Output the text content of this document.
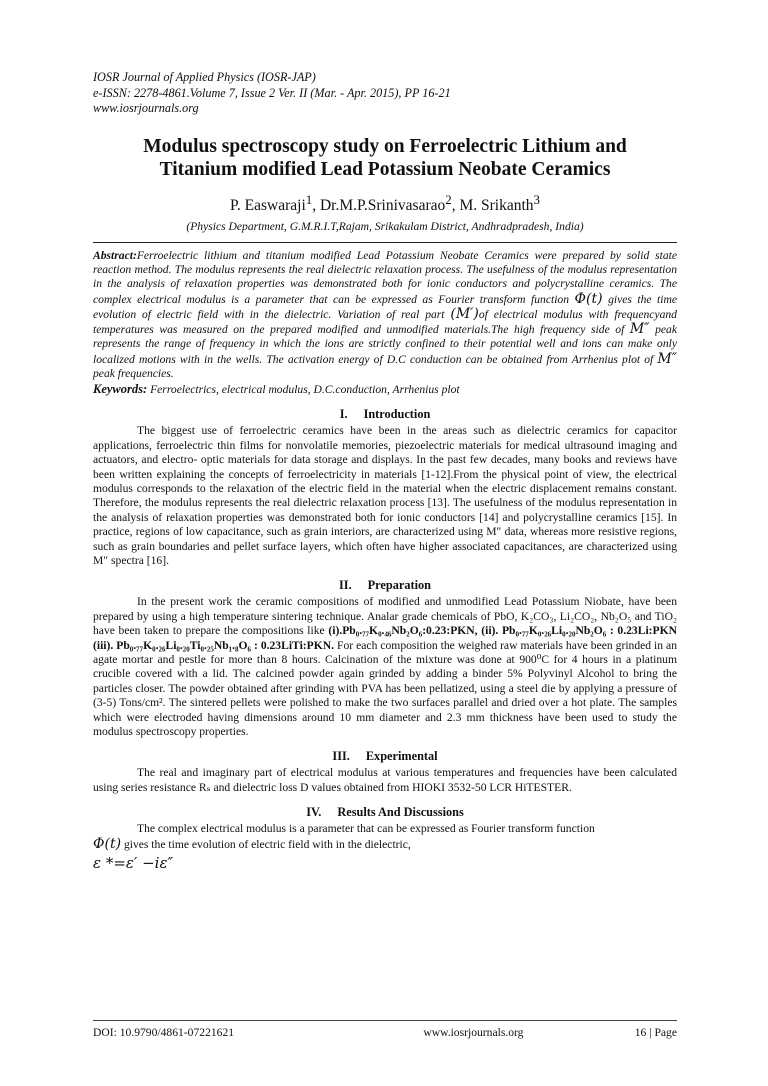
IOSR Journal of Applied Physics (IOSR-JAP)
e-ISSN: 2278-4861.Volume 7, Issue 2 Ver. II (Mar. - Apr. 2015), PP 16-21
www.iosrjournals.org
Modulus spectroscopy study on Ferroelectric Lithium and Titanium modified Lead Potassium Neobate Ceramics
P. Easwaraji$^1$, Dr.M.P.Srinivasarao$^2$, M. Srikanth$^3$
(Physics Department, G.M.R.I.T,Rajam, Srikakulam District, Andhradpradesh, India)
Abstract:Ferroelectric lithium and titanium modified Lead Potassium Neobate Ceramics were prepared by solid state reaction method. The modulus represents the real dielectric relaxation process. The usefulness of the modulus representation in the analysis of relaxation properties was demonstrated both for ionic conductors and polycrystalline ceramics. The complex electrical modulus is a parameter that can be expressed as Fourier transform function Φ(t) gives the time evolution of electric field with in the dielectric. Variation of real part (M′)of electrical modulus with frequencyand temperatures was measured on the prepared modified and unmodified materials.The high frequency side of M″ peak represents the range of frequency in which the ions are strictly confined to their potential well and ions can make only localized motions with in the wells. The activation energy of D.C conduction can be obtained from Arrhenius plot of M″ peak frequencies.
Keywords: Ferroelectrics, electrical modulus, D.C.conduction, Arrhenius plot
I. Introduction

The biggest use of ferroelectric ceramics have been in the areas such as dielectric ceramics for capacitor applications, ferroelectric thin films for nonvolatile memories, piezoelectric materials for medical ultrasound imaging and actuators, and electro- optic materials for data storage and displays. In the past few decades, many books and reviews have been written explaining the concepts of ferroelectricity in materials [1-12].From the physical point of view, the electrical modulus corresponds to the relaxation of the electric field in the material when the electric displacement remains constant. Therefore, the modulus represents the real dielectric relaxation process [13]. The usefulness of the modulus representation in the analysis of relaxation properties was demonstrated both for ionic conductors [14] and polycrystalline ceramics [15]. In practice, regions of low capacitance, such as grain interiors, are characterized using M″ data, whereas more resistive regions, such as grain boundaries and pellet surface layers, which often have higher associated capacitances, are characterized using M″ spectra [16].

II. Preparation

In the present work the ceramic compositions of modified and unmodified Lead Potassium Niobate, have been prepared by using a high temperature sintering technique. Analar grade chemicals of PbO, K₂CO₃, Li₂CO₂, Nb₂O₅ and TiO₂ have been taken to prepare the compositions like (i).Pb₀.₇₇K₀.₄₆Nb₂O₆:0.23:PKN, (ii). Pb₀.₇₇K₀.₂₆Li₀.₂₀Nb₂O₆ : 0.23Li:PKN (iii). Pb₀.₇₇K₀.₂₆Li₀.₂₀Ti₀.₂₅Nb₁.₈O₆ : 0.23LiTi:PKN. For each composition the weighed raw materials have been grinded in an agate mortar and pestle for more than 8 hours. Calcination of the mixture was done at 900⁰C for 4 hours in a platinum crucible covered with a lid. The calcined powder again grinded by adding a binder 5% Polyvinyl Alcohol to bring the particles closer. The powder obtained after grinding with PVA has been pellatized, using a steel die by applying a pressure of (3-5) Tons/cm². The sintered pellets were polished to make the two surfaces parallel and dried over a hot plate. The samples which were electroded having dimensions around 10 mm diameter and 2.3 mm thickness have been used to study the modulus spectroscopy properties.

III. Experimental

The real and imaginary part of electrical modulus at various temperatures and frequencies have been calculated using series resistance Rₛ and dielectric loss D values obtained from HIOKI 3532-50 LCR HiTESTER.

IV. Results And Discussions

The complex electrical modulus is a parameter that can be expressed as Fourier transform function

Φ(t) gives the time evolution of electric field with in the dielectric,

ε *=ε′ −iε″
DOI: 10.9790/4861-07221621	www.iosrjournals.org	16 | Page
